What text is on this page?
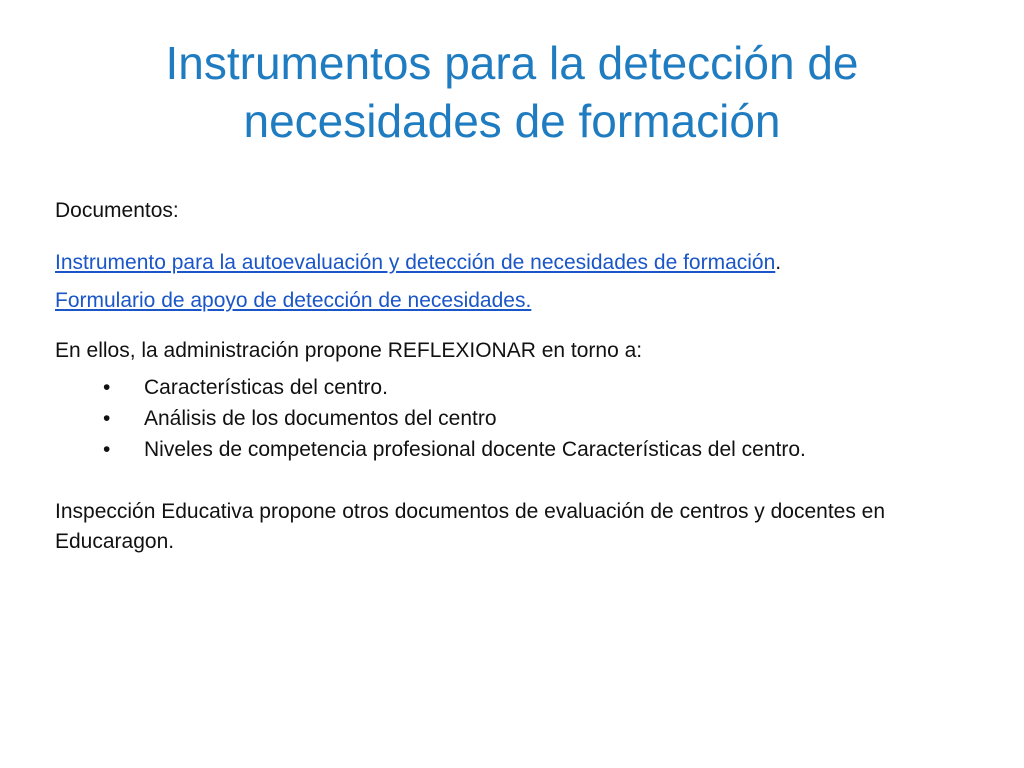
Instrumentos para la detección de
necesidades de formación

Documentos:

Instrumento para la autoevaluación y detección de necesidades de formación.

Formulario de apoyo de detección de necesidades.

En ellos, la administración propone REFLEXIONAR en torno a:

• Características del centro.
• Análisis de los documentos del centro
• Niveles de competencia profesional docente Características del centro.

Inspección Educativa propone otros documentos de evaluación de centros y docentes en Educaragon.
